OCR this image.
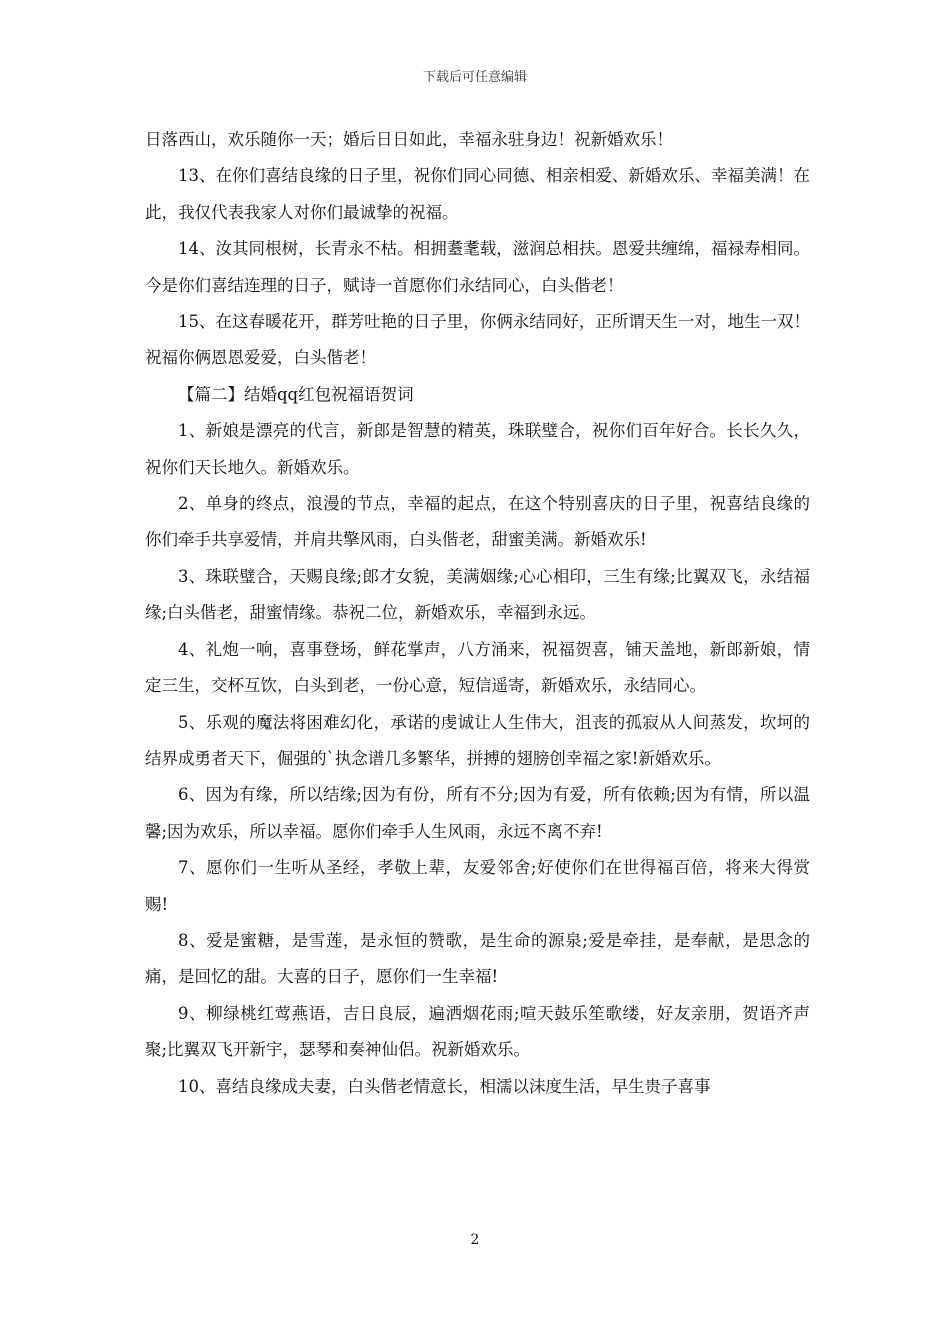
下载后可任意编辑

日落西山，欢乐随你一天；婚后日日如此，幸福永驻身边！祝新婚欢乐！

13、在你们喜结良缘的日子里，祝你们同心同德、相亲相爱、新婚欢乐、幸福美满！在此，我仅代表我家人对你们最诚挚的祝福。

14、汝其同根树，长青永不枯。相拥耋耄载，滋润总相扶。恩爱共缠绵，福禄寿相同。今是你们喜结连理的日子，赋诗一首愿你们永结同心，白头偕老！

15、在这春暖花开，群芳吐艳的日子里，你俩永结同好，正所谓天生一对，地生一双！祝福你俩恩恩爱爱，白头偕老！

【篇二】结婚qq红包祝福语贺词

1、新娘是漂亮的代言，新郎是智慧的精英，珠联璧合，祝你们百年好合。长长久久，祝你们天长地久。新婚欢乐。

2、单身的终点，浪漫的节点，幸福的起点，在这个特别喜庆的日子里，祝喜结良缘的你们牵手共享爱情，并肩共擎风雨，白头偕老，甜蜜美满。新婚欢乐!

3、珠联璧合，天赐良缘;郎才女貌，美满姻缘;心心相印，三生有缘;比翼双飞，永结福缘;白头偕老，甜蜜情缘。恭祝二位，新婚欢乐，幸福到永远。

4、礼炮一响，喜事登场，鲜花掌声，八方涌来，祝福贺喜，铺天盖地，新郎新娘，情定三生，交杯互饮，白头到老，一份心意，短信遥寄，新婚欢乐，永结同心。

5、乐观的魔法将困难幻化，承诺的虔诚让人生伟大，沮丧的孤寂从人间蒸发，坎坷的结界成勇者天下，倔强的`执念谱几多繁华，拼搏的翅膀创幸福之家!新婚欢乐。

6、因为有缘，所以结缘;因为有份，所有不分;因为有爱，所有依赖;因为有情，所以温馨;因为欢乐，所以幸福。愿你们牵手人生风雨，永远不离不弃!

7、愿你们一生听从圣经，孝敬上辈，友爱邻舍;好使你们在世得福百倍，将来大得赏赐!

8、爱是蜜糖，是雪莲，是永恒的赞歌，是生命的源泉;爱是牵挂，是奉献，是思念的痛，是回忆的甜。大喜的日子，愿你们一生幸福!

9、柳绿桃红莺燕语，吉日良辰，遍洒烟花雨;喧天鼓乐笙歌缕，好友亲朋，贺语齐声聚;比翼双飞开新宇，瑟琴和奏神仙侣。祝新婚欢乐。

10、喜结良缘成夫妻，白头偕老情意长，相濡以沫度生活，早生贵子喜事

2
